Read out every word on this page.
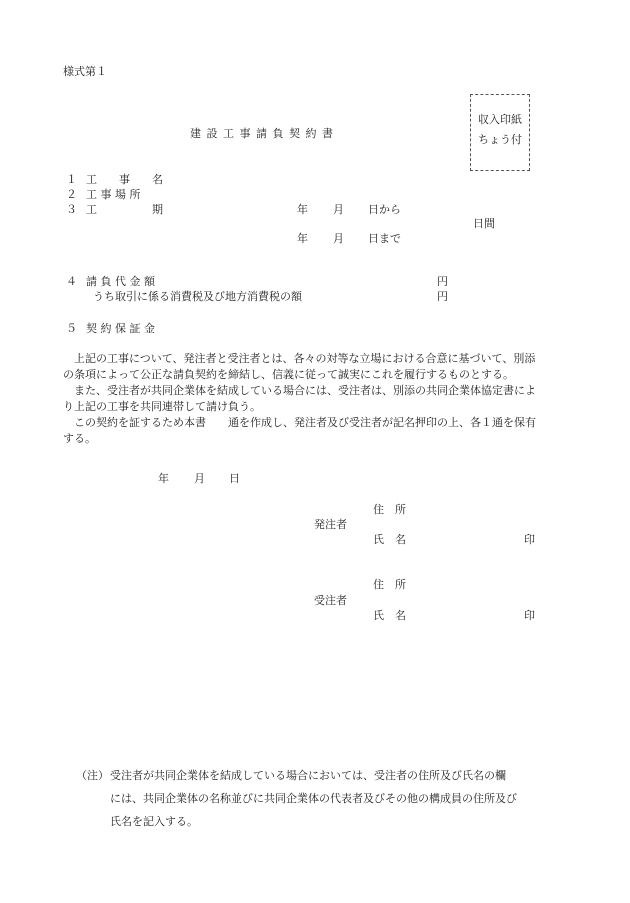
様式第１
収入印紙
ちょう付
建 設 工 事 請 負 契 約 書
１ 工　　事　　名
２ 工 事 場 所
３ 工　　　　　期	年 月 日から
日間
年 月 日まで
４ 請 負 代 金 額	円
うち取引に係る消費税及び地方消費税の額	円
５ 契 約 保 証 金

上記の工事について、発注者と受注者とは、各々の対等な立場における合意に基づいて、別添の条項によって公正な請負契約を締結し、信義に従って誠実にこれを履行するものとする。

また、受注者が共同企業体を結成している場合には、受注者は、別添の共同企業体協定書により上記の工事を共同連帯して請け負う。

この契約を証するため本書　　通を作成し、発注者及び受注者が記名押印の上、各１通を保有する。

年 月 日
住　所
発注者
氏　名	印
住　所
受注者
氏　名	印
（注） 受注者が共同企業体を結成している場合においては、受注者の住所及び氏名の欄
には、共同企業体の名称並びに共同企業体の代表者及びその他の構成員の住所及び
氏名を記入する。
